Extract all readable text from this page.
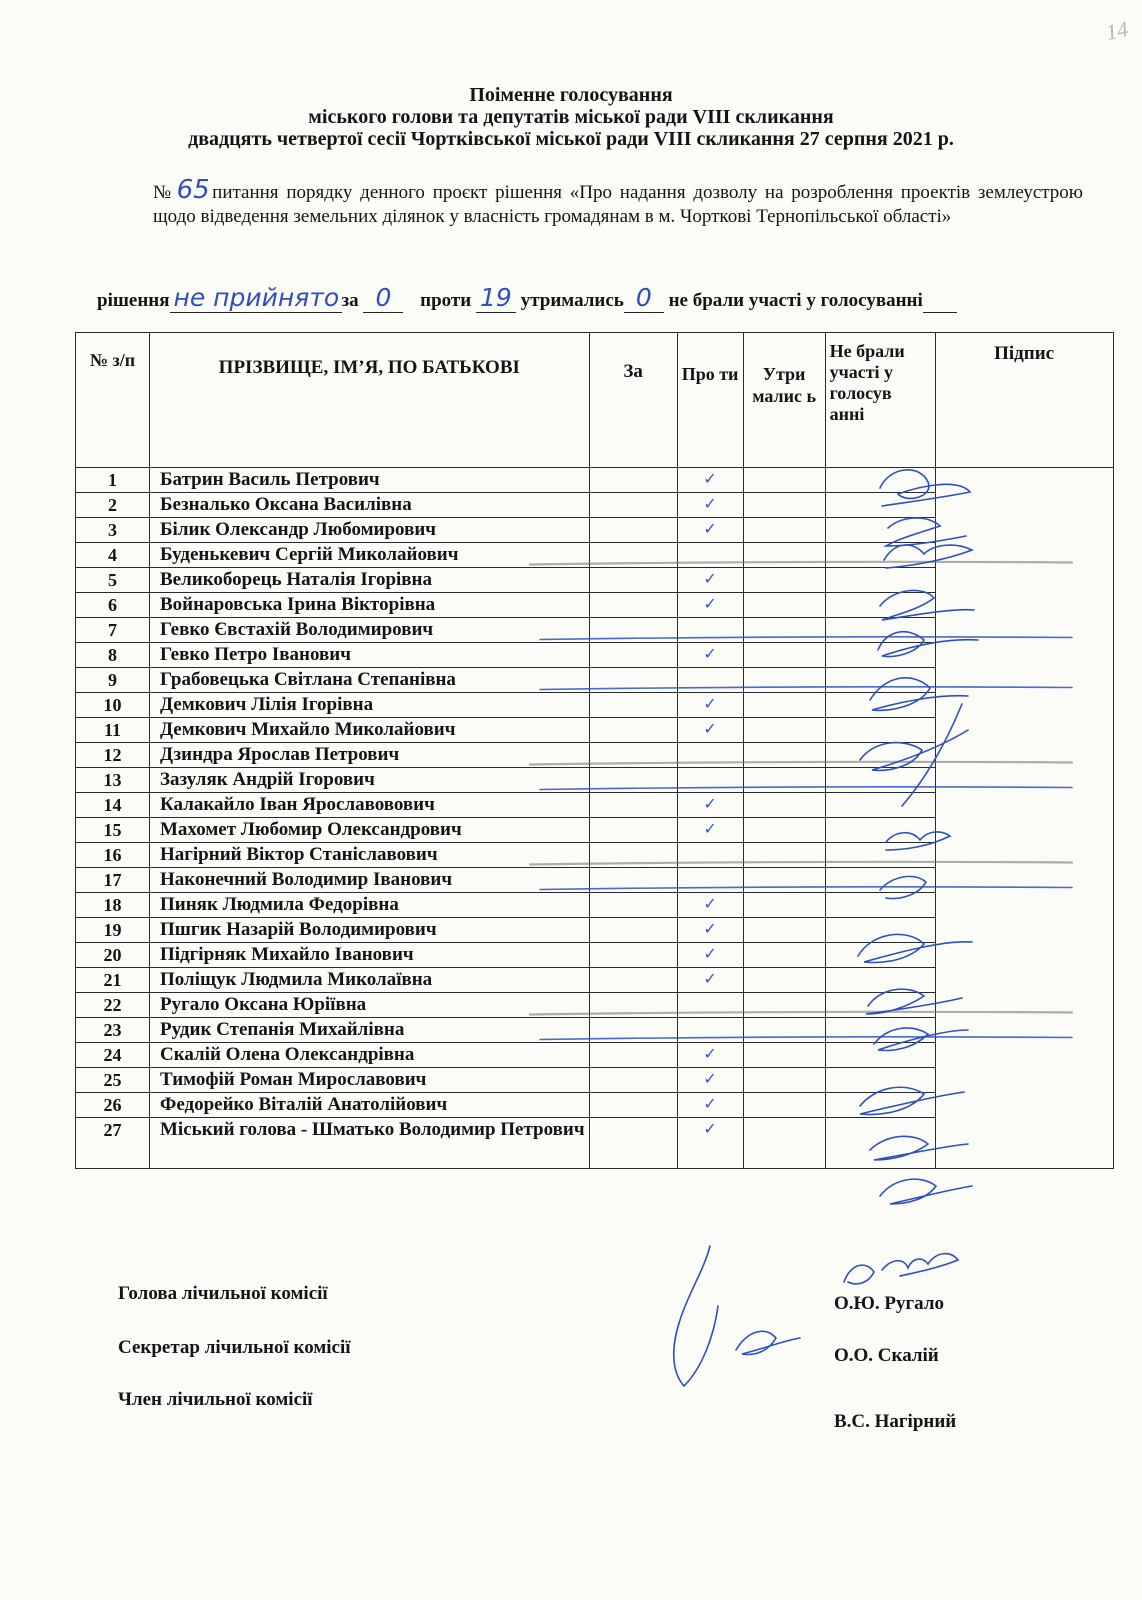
14
Поіменне голосування
міського голови та депутатів міської ради VIII скликання
двадцять четвертої сесії Чортківської міської ради VIII скликання 27 серпня 2021 р.
№65 питання порядку денного проєкт рішення «Про надання дозволу на розроблення проектів землеустрою щодо відведення земельних ділянок у власність громадянам в м. Чорткові Тернопільської області»
рішення не прийнято за 0 проти 19 утримались 0 не брали участі у голосуванні
№ з/п	ПРІЗВИЩЕ, ІМ’Я, ПО БАТЬКОВІ	За	Про ти	Утри малис ь	Не брали участі у голосув анні	Підпис
1	Батрин Василь Петрович		✓			
2	Безналько Оксана Василівна		✓			
3	Білик Олександр Любомирович		✓			
4	Буденькевич Сергій Миколайович					
5	Великоборець Наталія Ігорівна		✓			
6	Войнаровська Ірина Вікторівна		✓			
7	Гевко Євстахій Володимирович					
8	Гевко Петро Іванович		✓			
9	Грабовецька Світлана Степанівна					
10	Демкович Лілія Ігорівна		✓			
11	Демкович Михайло Миколайович		✓			
12	Дзиндра Ярослав Петрович					
13	Зазуляк Андрій Ігорович					
14	Калакайло Іван Ярославовович		✓			
15	Махомет Любомир Олександрович		✓			
16	Нагірний Віктор Станіславович					
17	Наконечний Володимир Іванович					
18	Пиняк Людмила Федорівна		✓			
19	Пшгик Назарій Володимирович		✓			
20	Підгірняк Михайло Іванович		✓			
21	Поліщук Людмила Миколаївна		✓			
22	Ругало Оксана Юріївна					
23	Рудик Степанія Михайлівна					
24	Скалій Олена Олександрівна		✓			
25	Тимофій Роман Мирославович		✓			
26	Федорейко Віталій Анатолійович		✓			
27	Міський голова - Шматько Володимир Петрович		✓			
Голова лічильної комісії	О.Ю. Ругало
Секретар лічильної комісії	О.О. Скалій
Член лічильної комісії
В.С. Нагірний
